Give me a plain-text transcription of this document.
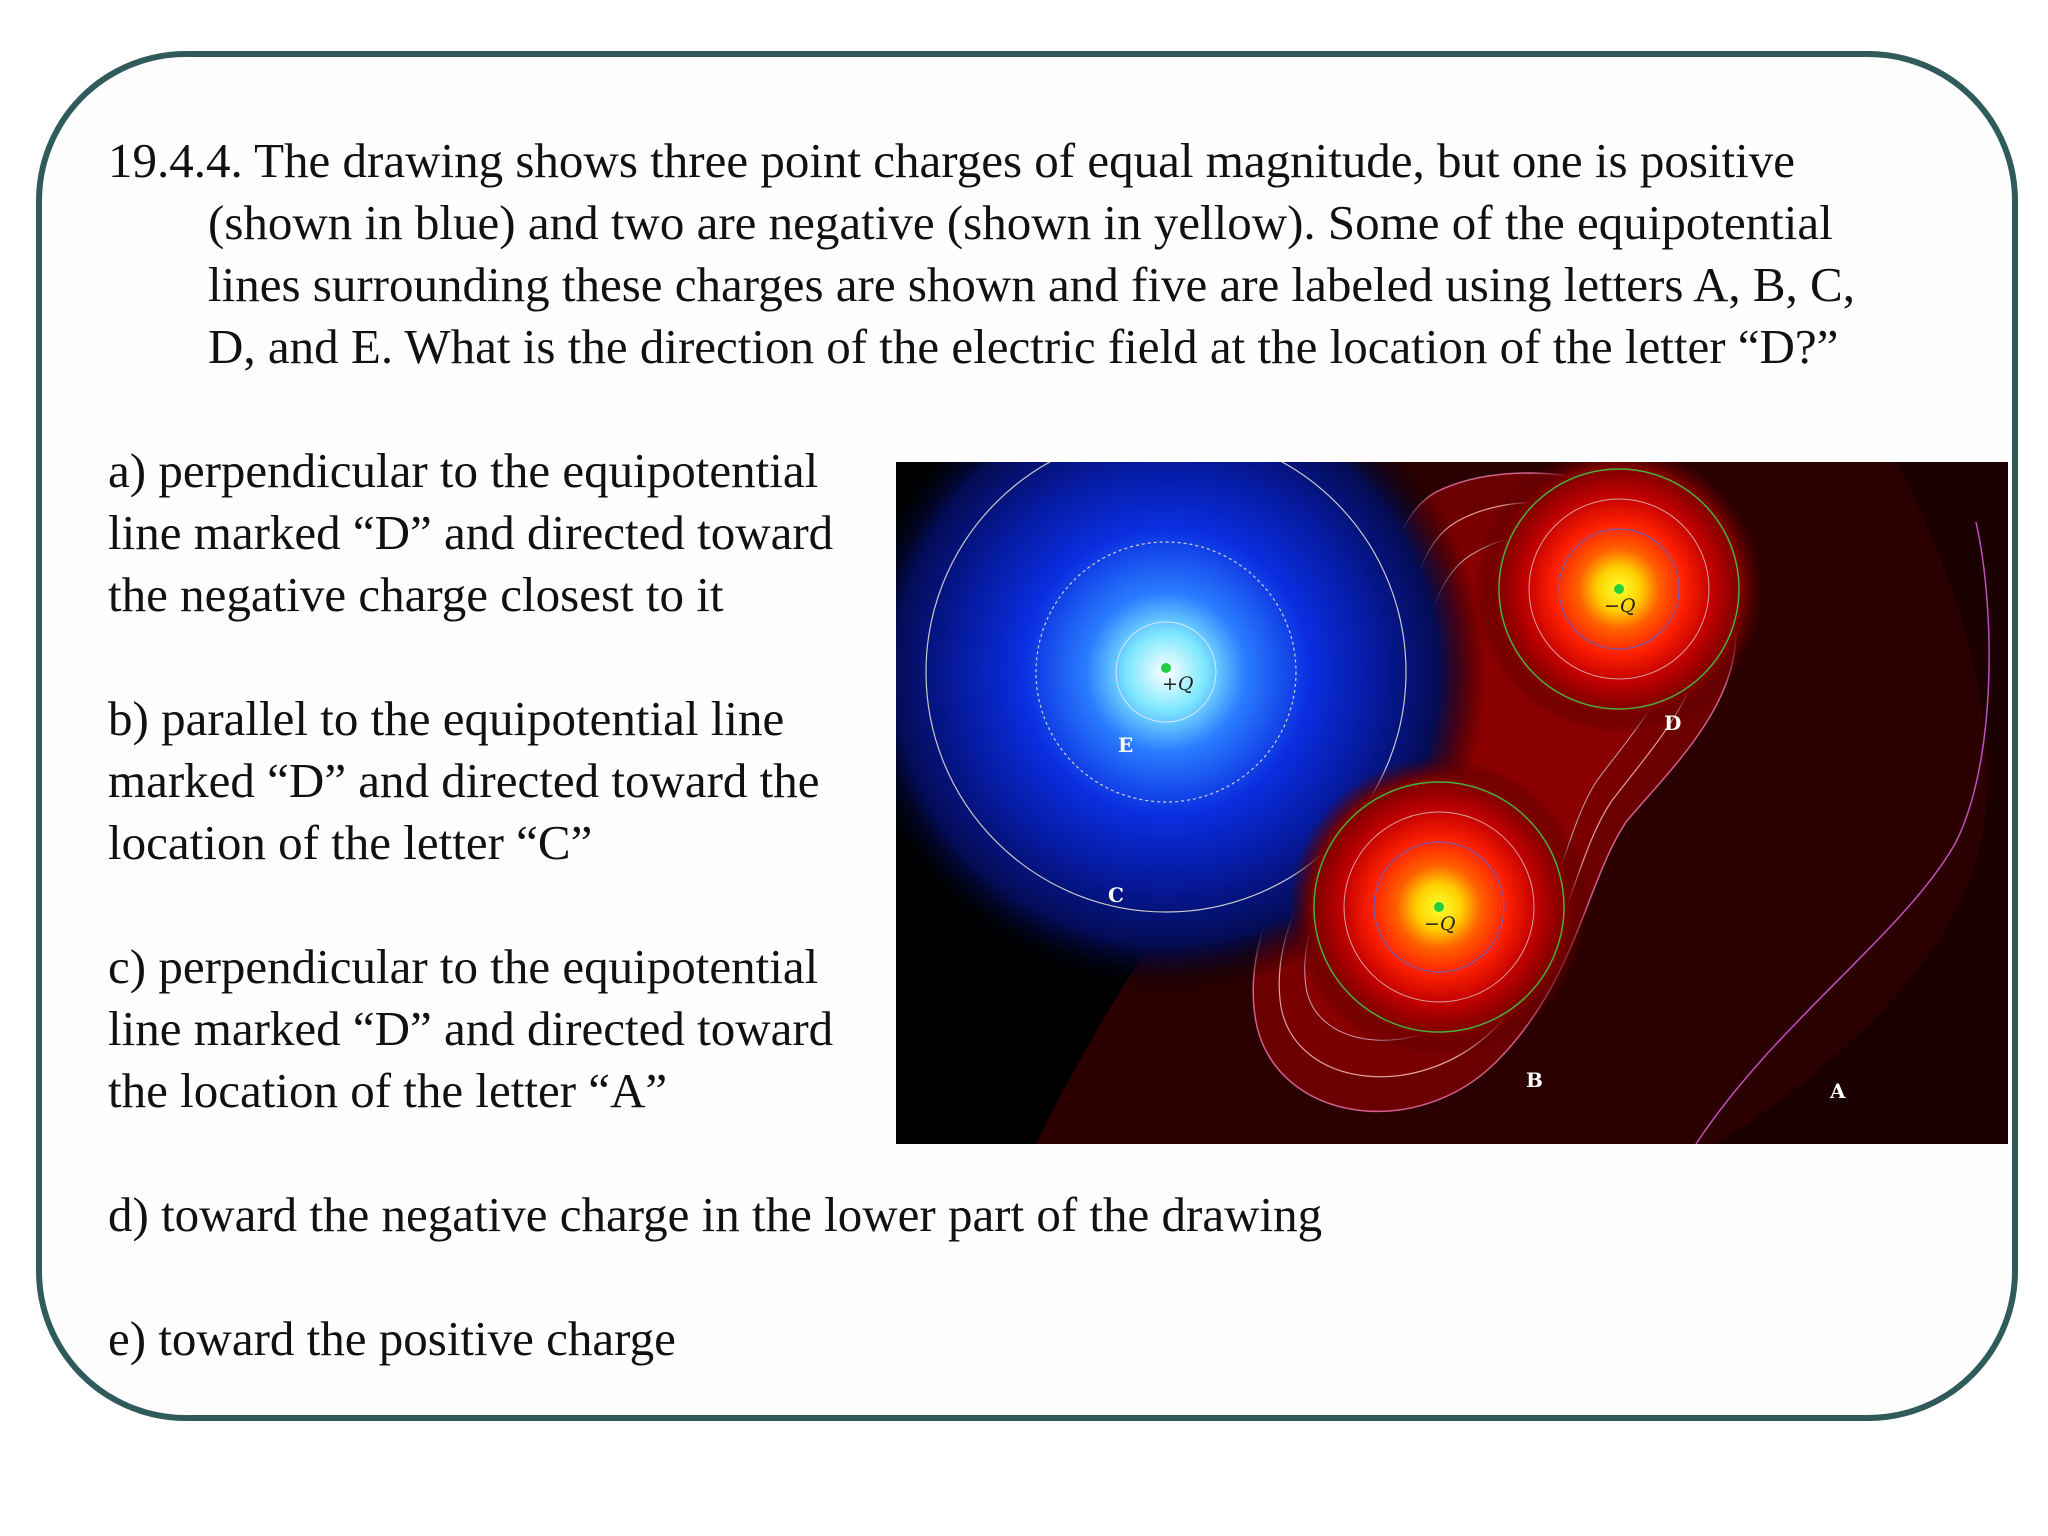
19.4.4. The drawing shows three point charges of equal magnitude, but one is positive
(shown in blue) and two are negative (shown in yellow). Some of the equipotential
lines surrounding these charges are shown and five are labeled using letters A, B, C,
D, and E. What is the direction of the electric field at the location of the letter “D?”

a) perpendicular to the equipotential
line marked “D” and directed toward
the negative charge closest to it

b) parallel to the equipotential line
marked “D” and directed toward the
location of the letter “C”

c) perpendicular to the equipotential
line marked “D” and directed toward
the location of the letter “A”

d) toward the negative charge in the lower part of the drawing

e) toward the positive charge

+Q
−Q
−Q
E
C
D
B	A
